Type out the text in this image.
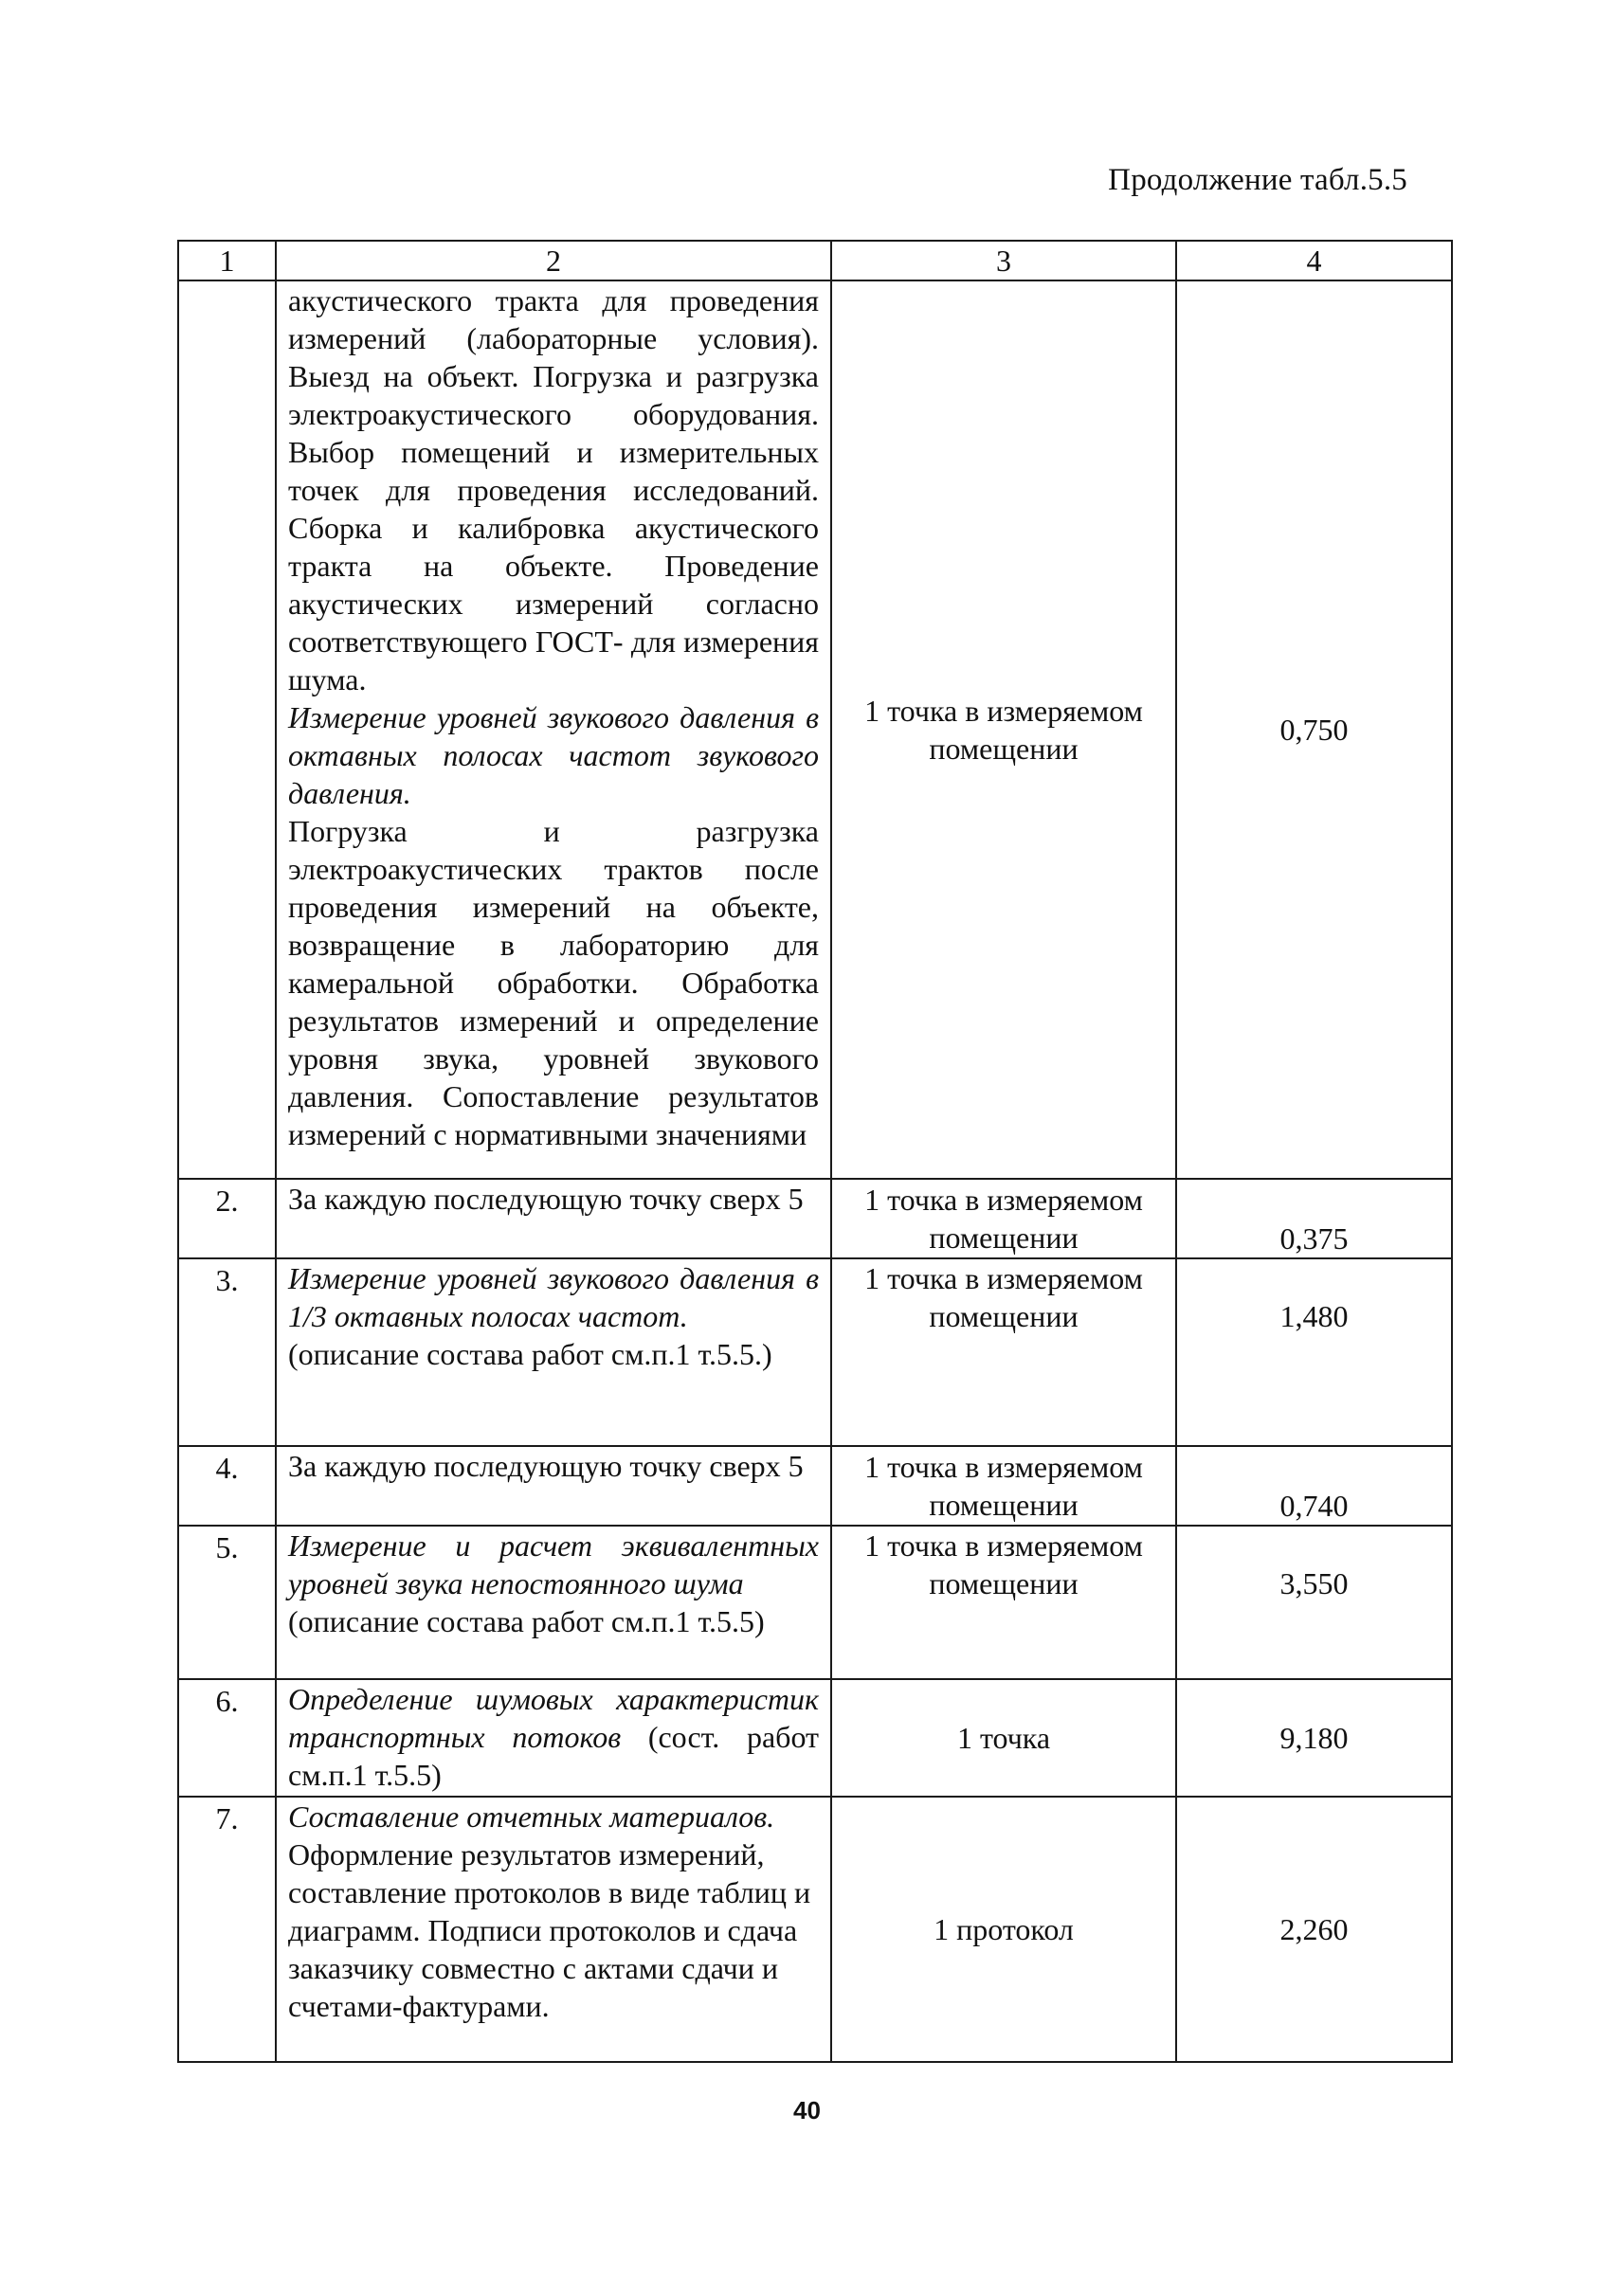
Продолжение табл.5.5
1	2	3	4

	акустического тракта для проведения измерений (лабораторные условия). Выезд на объект. Погрузка и разгрузка электроакустического оборудования. Выбор помещений и измерительных точек для проведения исследований. Сборка и калибровка акустического тракта на объекте. Проведение акустических измерений согласно соответствующего ГОСТ- для измерения шума.

Измерение уровней звукового давления в октавных полосах частот звукового давления.

Погрузка и разгрузка электроакустических трактов после проведения измерений на объекте, возвращение в лабораторию для камеральной обработки. Обработка результатов измерений и определение уровня звука, уровней звукового давления. Сопоставление результатов измерений с нормативными значениями	1 точка в измеряемом помещении	0,750
2.	За каждую последующую точку сверх 5	1 точка в измеряемом помещении	0,375
3.	Измерение уровней звукового давления в 1/3 октавных полосах частот.

(описание состава работ см.п.1 т.5.5.)	1 точка в измеряемом помещении	1,480
4.	За каждую последующую точку сверх 5	1 точка в измеряемом помещении	0,740
5.	Измерение и расчет эквивалентных уровней звука непостоянного шума

(описание состава работ см.п.1 т.5.5)	1 точка в измеряемом помещении	3,550
6.	Определение шумовых характеристик транспортных потоков (сост. работ см.п.1 т.5.5)	1 точка	9,180
7.	Составление отчетных материалов.

Оформление результатов измерений, составление протоколов в виде таблиц и диаграмм. Подписи протоколов и сдача заказчику совместно с актами сдачи и счетами-фактурами.	1 протокол	2,260
40
